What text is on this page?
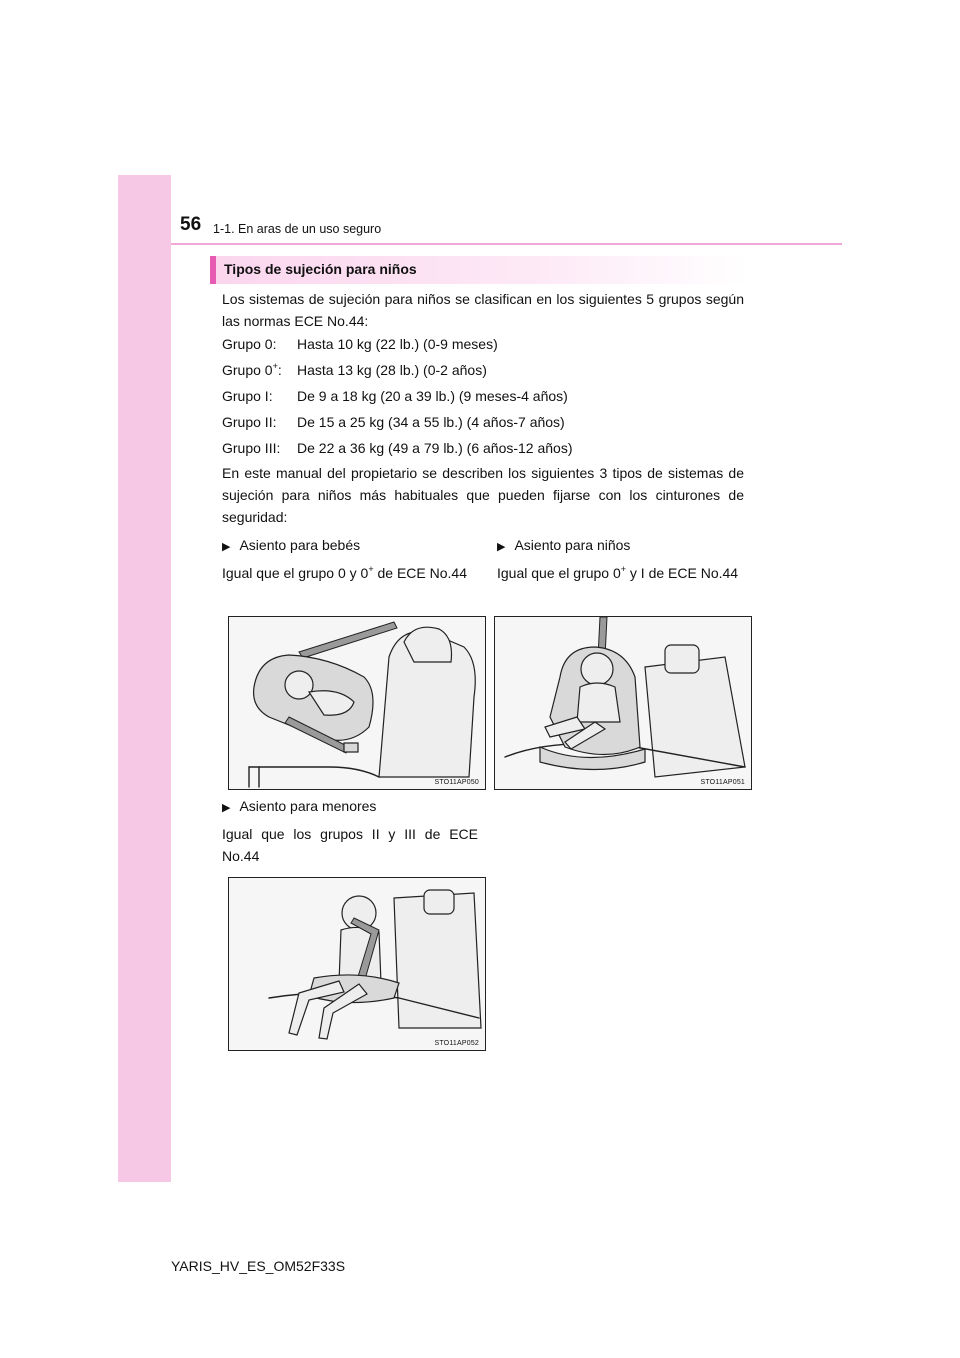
56 1-1. En aras de un uso seguro
Tipos de sujeción para niños
Los sistemas de sujeción para niños se clasifican en los siguientes 5 grupos según las normas ECE No.44:
Grupo 0: Hasta 10 kg (22 lb.) (0-9 meses)
Grupo 0+: Hasta 13 kg (28 lb.) (0-2 años)
Grupo I: De 9 a 18 kg (20 a 39 lb.) (9 meses-4 años)
Grupo II: De 15 a 25 kg (34 a 55 lb.) (4 años-7 años)
Grupo III: De 22 a 36 kg (49 a 79 lb.) (6 años-12 años)
En este manual del propietario se describen los siguientes 3 tipos de sistemas de sujeción para niños más habituales que pueden fijarse con los cinturones de seguridad:
▶ Asiento para bebés
Igual que el grupo 0 y 0+ de ECE No.44
▶ Asiento para niños
Igual que el grupo 0+ y I de ECE No.44
STO11AP050	STO11AP051
▶ Asiento para menores
Igual que los grupos II y III de ECE No.44
STO11AP052
YARIS_HV_ES_OM52F33S
